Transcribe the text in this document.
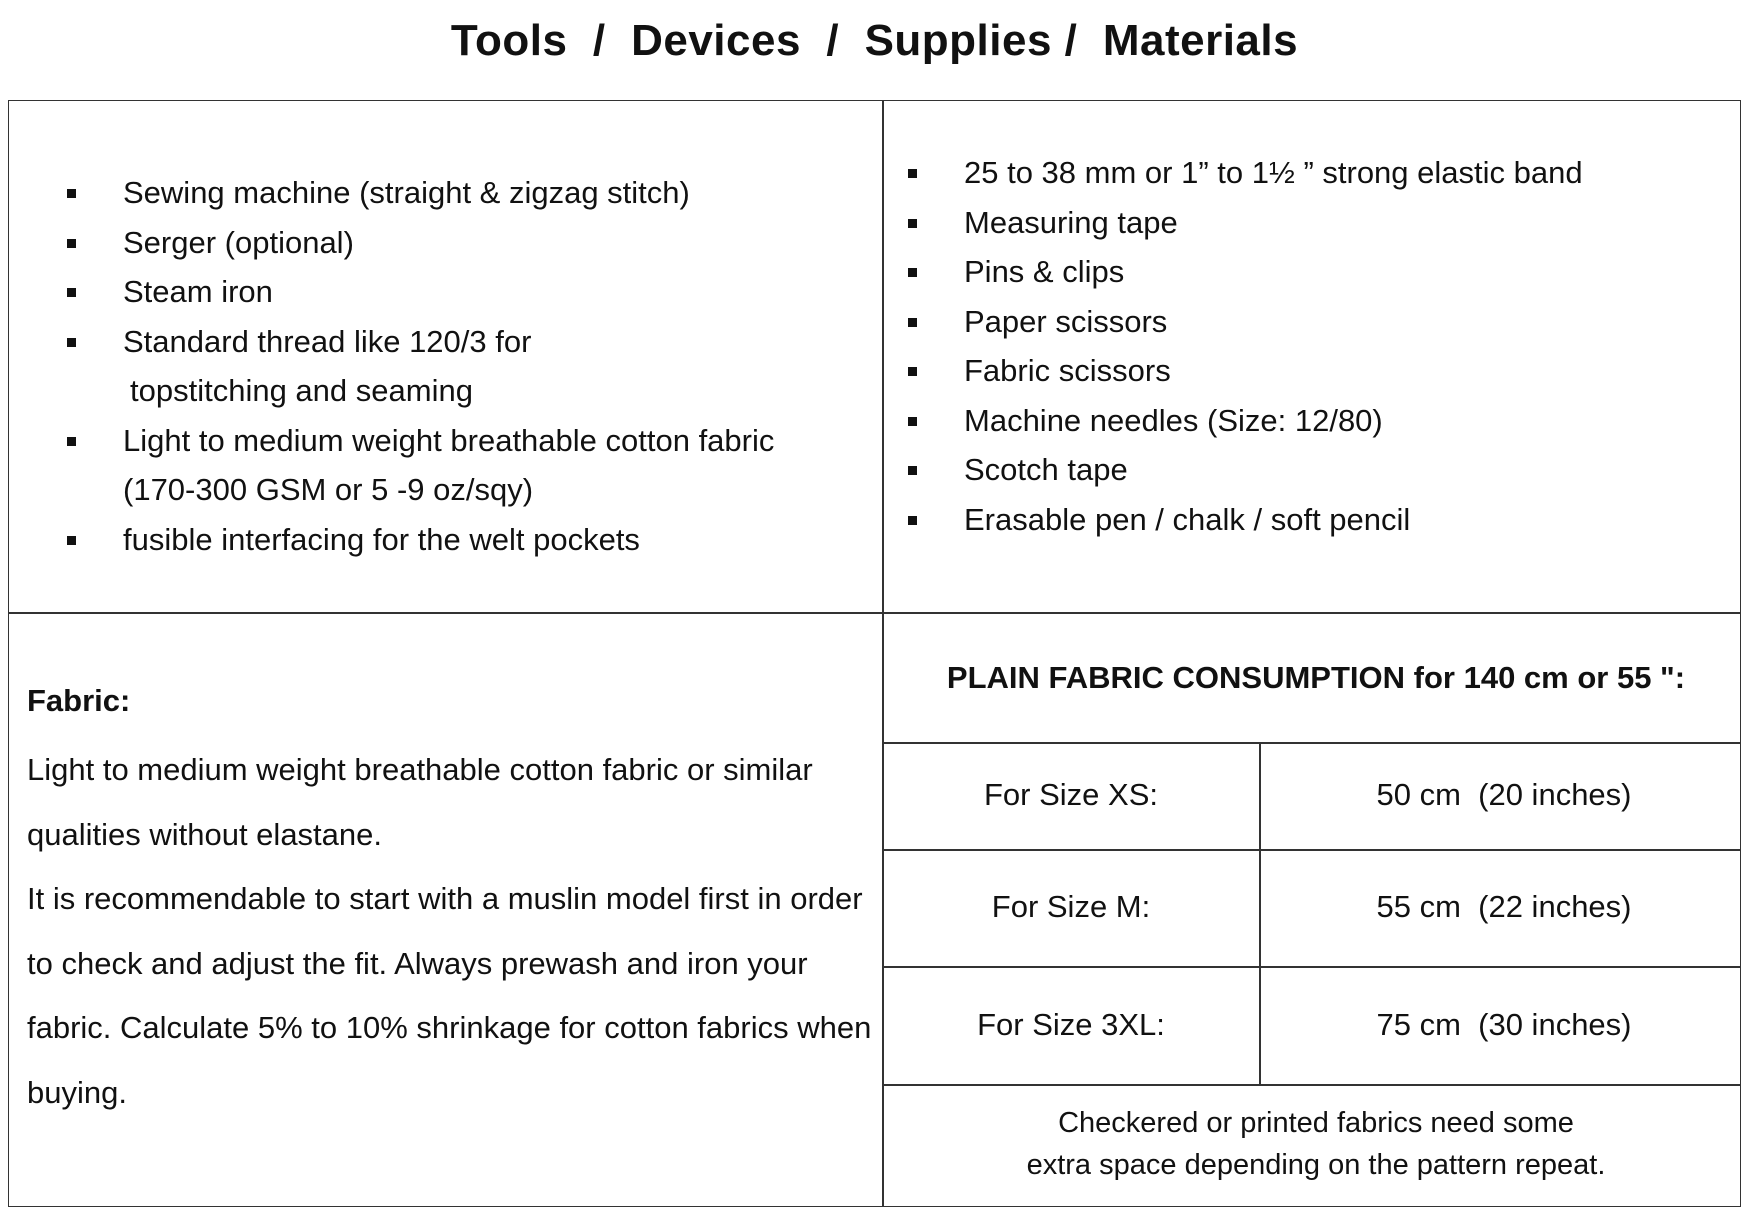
Tools  /  Devices  /  Supplies /  Materials
Sewing machine (straight & zigzag stitch)
Serger (optional)
Steam iron
Standard thread like 120/3 for
topstitching and seaming
Light to medium weight breathable cotton fabric
(170-300 GSM or 5 -9 oz/sqy)
fusible interfacing for the welt pockets
25 to 38 mm or 1” to 1½ ” strong elastic band
Measuring tape
Pins & clips
Paper scissors
Fabric scissors
Machine needles (Size: 12/80)
Scotch tape
Erasable pen / chalk / soft pencil
Fabric:

Light to medium weight breathable cotton fabric or similar qualities without elastane.

It is recommendable to start with a muslin model first in order to check and adjust the fit. Always prewash and iron your fabric. Calculate 5% to 10% shrinkage for cotton fabrics when buying.

PLAIN FABRIC CONSUMPTION for 140 cm or 55 ":
For Size XS:	50 cm  (20 inches)
For Size M:	55 cm  (22 inches)
For Size 3XL:	75 cm  (30 inches)
Checkered or printed fabrics need some
extra space depending on the pattern repeat.
